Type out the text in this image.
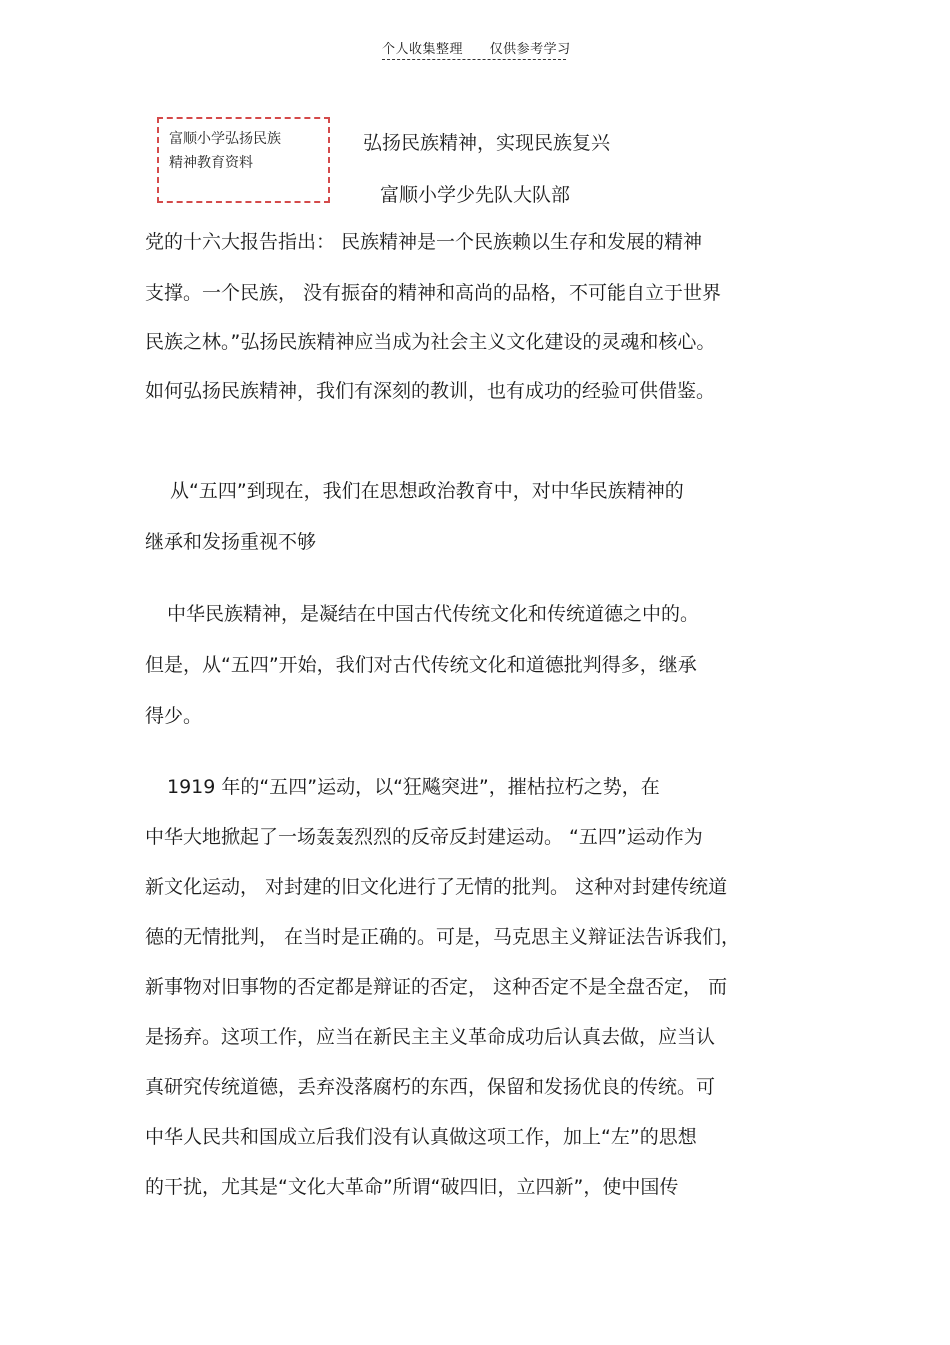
个人收集整理 仅供参考学习
富顺小学弘扬民族
精神教育资料
弘扬民族精神，实现民族复兴
富顺小学少先队大队部
党的十六大报告指出： 民族精神是一个民族赖以生存和发展的精神
支撑。一个民族， 没有振奋的精神和高尚的品格，不可能自立于世界
民族之林。”弘扬民族精神应当成为社会主义文化建设的灵魂和核心。
如何弘扬民族精神，我们有深刻的教训，也有成功的经验可供借鉴。
从“五四”到现在，我们在思想政治教育中，对中华民族精神的
继承和发扬重视不够
中华民族精神，是凝结在中国古代传统文化和传统道德之中的。
但是，从“五四”开始，我们对古代传统文化和道德批判得多，继承
得少。
1919 年的“五四”运动，以“狂飚突进”，摧枯拉朽之势，在
中华大地掀起了一场轰轰烈烈的反帝反封建运动。 “五四”运动作为
新文化运动， 对封建的旧文化进行了无情的批判。 这种对封建传统道
德的无情批判， 在当时是正确的。可是，马克思主义辩证法告诉我们，
新事物对旧事物的否定都是辩证的否定， 这种否定不是全盘否定， 而
是扬弃。这项工作，应当在新民主主义革命成功后认真去做，应当认
真研究传统道德，丢弃没落腐朽的东西，保留和发扬优良的传统。可
中华人民共和国成立后我们没有认真做这项工作，加上“左”的思想
的干扰，尤其是“文化大革命”所谓“破四旧，立四新”，使中国传
